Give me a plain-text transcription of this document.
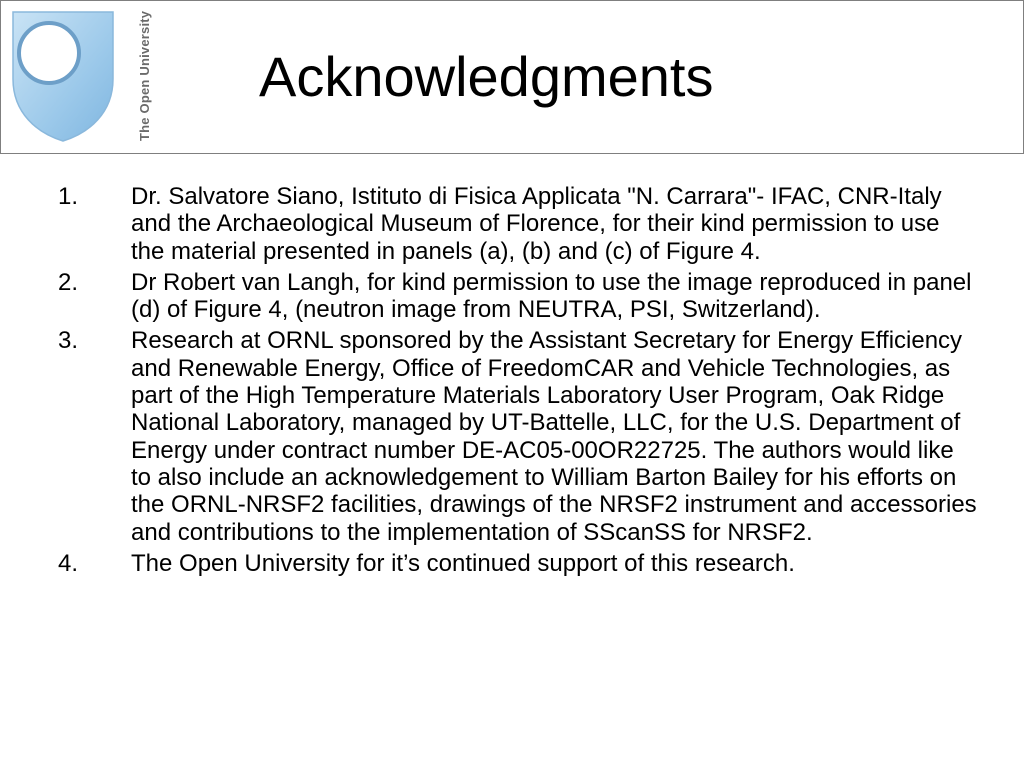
The Open University Acknowledgments
1.	Dr. Salvatore Siano, Istituto di Fisica Applicata "N. Carrara"- IFAC, CNR-Italy and the Archaeological Museum of Florence, for their kind permission to use the material presented in panels (a), (b) and (c) of Figure 4.
2.	Dr Robert van Langh, for kind permission to use the image reproduced in panel (d) of Figure 4, (neutron image from NEUTRA, PSI, Switzerland).
3.	Research at ORNL sponsored by the Assistant Secretary for Energy Efficiency and Renewable Energy, Office of FreedomCAR and Vehicle Technologies, as part of the High Temperature Materials Laboratory User Program, Oak Ridge National Laboratory, managed by UT-Battelle, LLC, for the U.S. Department of Energy under contract number DE-AC05-00OR22725. The authors would like to also include an acknowledgement to William Barton Bailey for his efforts on the ORNL-NRSF2 facilities, drawings of the NRSF2 instrument and accessories and contributions to the implementation of SScanSS for NRSF2.
4.	The Open University for it’s continued support of this research.
